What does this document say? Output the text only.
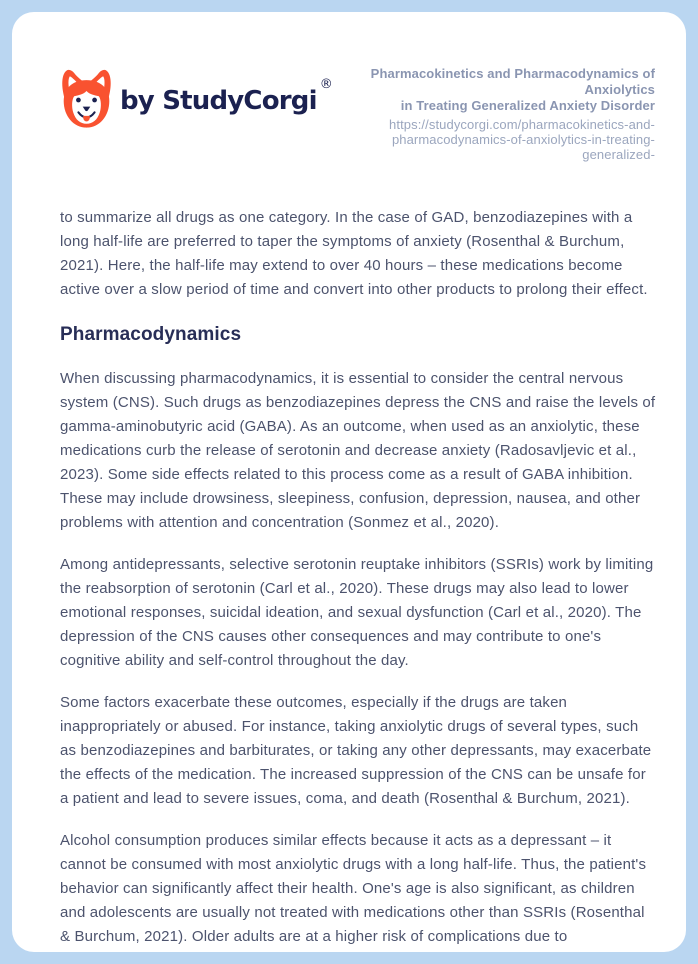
by StudyCorgi®
Pharmacokinetics and Pharmacodynamics of Anxiolytics
in Treating Generalized Anxiety Disorder
https://studycorgi.com/pharmacokinetics-and-
pharmacodynamics-of-anxiolytics-in-treating-generalized-

to summarize all drugs as one category. In the case of GAD, benzodiazepines with a long half-life are preferred to taper the symptoms of anxiety (Rosenthal & Burchum, 2021). Here, the half-life may extend to over 40 hours – these medications become active over a slow period of time and convert into other products to prolong their effect.

Pharmacodynamics

When discussing pharmacodynamics, it is essential to consider the central nervous system (CNS). Such drugs as benzodiazepines depress the CNS and raise the levels of gamma-aminobutyric acid (GABA). As an outcome, when used as an anxiolytic, these medications curb the release of serotonin and decrease anxiety (Radosavljevic et al., 2023). Some side effects related to this process come as a result of GABA inhibition. These may include drowsiness, sleepiness, confusion, depression, nausea, and other problems with attention and concentration (Sonmez et al., 2020).

Among antidepressants, selective serotonin reuptake inhibitors (SSRIs) work by limiting the reabsorption of serotonin (Carl et al., 2020). These drugs may also lead to lower emotional responses, suicidal ideation, and sexual dysfunction (Carl et al., 2020). The depression of the CNS causes other consequences and may contribute to one's cognitive ability and self-control throughout the day.

Some factors exacerbate these outcomes, especially if the drugs are taken inappropriately or abused. For instance, taking anxiolytic drugs of several types, such as benzodiazepines and barbiturates, or taking any other depressants, may exacerbate the effects of the medication. The increased suppression of the CNS can be unsafe for a patient and lead to severe issues, coma, and death (Rosenthal & Burchum, 2021).

Alcohol consumption produces similar effects because it acts as a depressant – it cannot be consumed with most anxiolytic drugs with a long half-life. Thus, the patient's behavior can significantly affect their health. One's age is also significant, as children and adolescents are usually not treated with medications other than SSRIs (Rosenthal & Burchum, 2021). Older adults are at a higher risk of complications due to
